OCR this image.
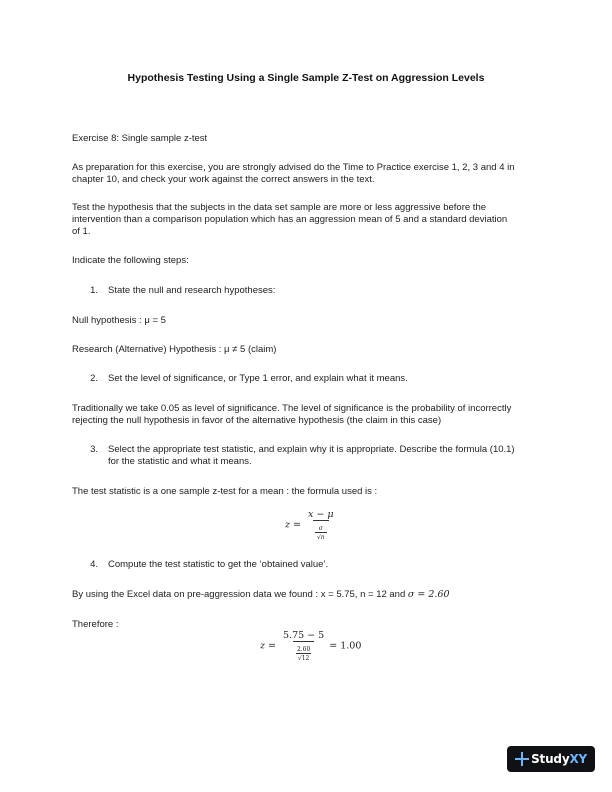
Hypothesis Testing Using a Single Sample Z-Test on Aggression Levels

Exercise 8: Single sample z-test

As preparation for this exercise, you are strongly advised do the Time to Practice exercise 1, 2, 3 and 4 in

chapter 10, and check your work against the correct answers in the text.

Test the hypothesis that the subjects in the data set sample are more or less aggressive before the

intervention than a comparison population which has an aggression mean of 5 and a standard deviation

of 1.

Indicate the following steps:

1. State the null and research hypotheses:

Null hypothesis : μ = 5

Research (Alternative) Hypothesis : μ ≠ 5 (claim)

2. Set the level of significance, or Type 1 error, and explain what it means.

Traditionally we take 0.05 as level of significance. The level of significance is the probability of incorrectly

rejecting the null hypothesis in favor of the alternative hypothesis (the claim in this case)

3. Select the appropriate test statistic, and explain why it is appropriate. Describe the formula (10.1)

for the statistic and what it means.

The test statistic is a one sample z-test for a mean : the formula used is :

$z = \frac{x - \mu}{\frac{\sigma}{√n}}$

4. Compute the test statistic to get the ‘obtained value’.

By using the Excel data on pre-aggression data we found : x = 5.75, n = 12 and σ = 2.60

Therefore :

$z = \frac{5.75 - 5}{\frac{2.60}{√12}} = 1.00$
StudyXY
